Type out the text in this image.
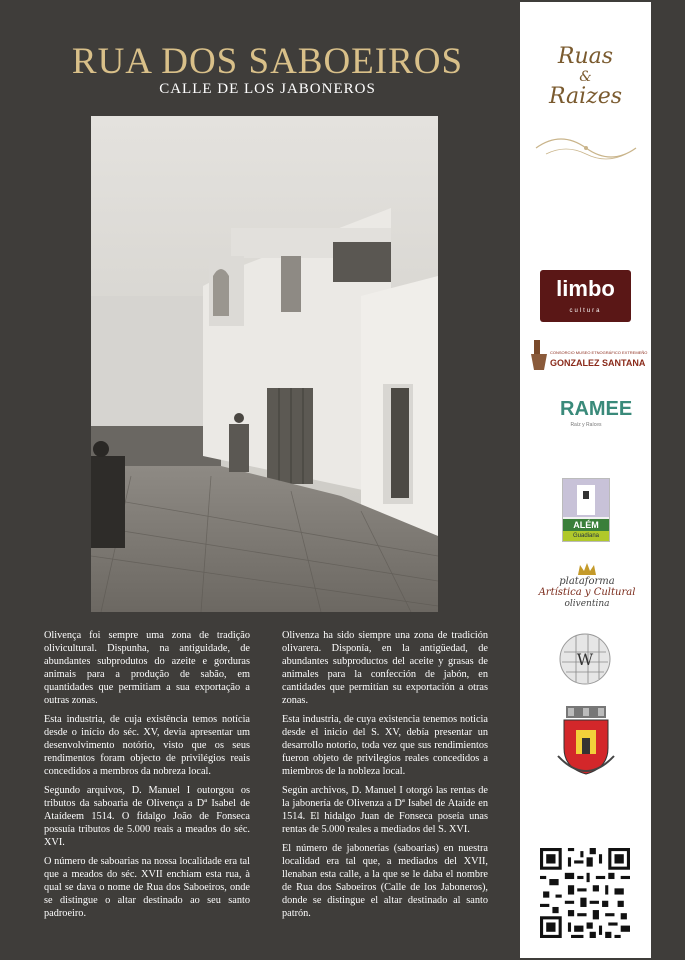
RUA DOS SABOEIROS
CALLE DE LOS JABONEROS

Olivença foi sempre uma zona de tradição olivicultural. Dispunha, na antiguidade, de abundantes subprodutos do azeite e gorduras animais para a produção de sabão, em quantidades que permitiam a sua exportação a outras zonas.

Esta industria, de cuja existência temos notícia desde o início do séc. XV, devia apresentar um desenvolvimento notório, visto que os seus rendimentos foram objecto de privilégios reais concedidos a membros da nobreza local.

Segundo arquivos, D. Manuel I outorgou os tributos da saboaria de Olivença a Dª Isabel de Ataídeem 1514. O fidalgo João de Fonseca possuía tributos de 5.000 reais a meados do séc. XVI.

O número de saboarias na nossa localidade era tal que a meados do séc. XVII enchiam esta rua, à qual se dava o nome de Rua dos Saboeiros, onde se distingue o altar destinado ao seu santo padroeiro.

Olivenza ha sido siempre una zona de tradición olivarera. Disponía, en la antigüedad, de abundantes subproductos del aceite y grasas de animales para la confección de jabón, en cantidades que permitían su exportación a otras zonas.

Esta industria, de cuya existencia tenemos noticia desde el inicio del S. XV, debía presentar un desarrollo notorio, toda vez que sus rendimientos fueron objeto de privilegios reales concedidos a miembros de la nobleza local.

Según archivos, D. Manuel I otorgó las rentas de la jabonería de Olivenza a Dª Isabel de Ataide en 1514. El hidalgo Juan de Fonseca poseía unas rentas de 5.000 reales a mediados del S. XVI.

El número de jabonerías (saboarias) en nuestra localidad era tal que, a mediados del XVII, llenaban esta calle, a la que se le daba el nombre de Rua dos Saboeiros (Calle de los Jaboneros), donde se distingue el altar destinado al santo patrón.

Ruas
&
Raizes
limbo
cultura
CONSORCIO MUSEO ETNOGRÁFICO EXTREMEÑO
GONZALEZ SANTANA
RAMEE
Raíz y Raíces
ALÉM
Guadiana
plataforma
Artística y Cultural
oliventina
W
